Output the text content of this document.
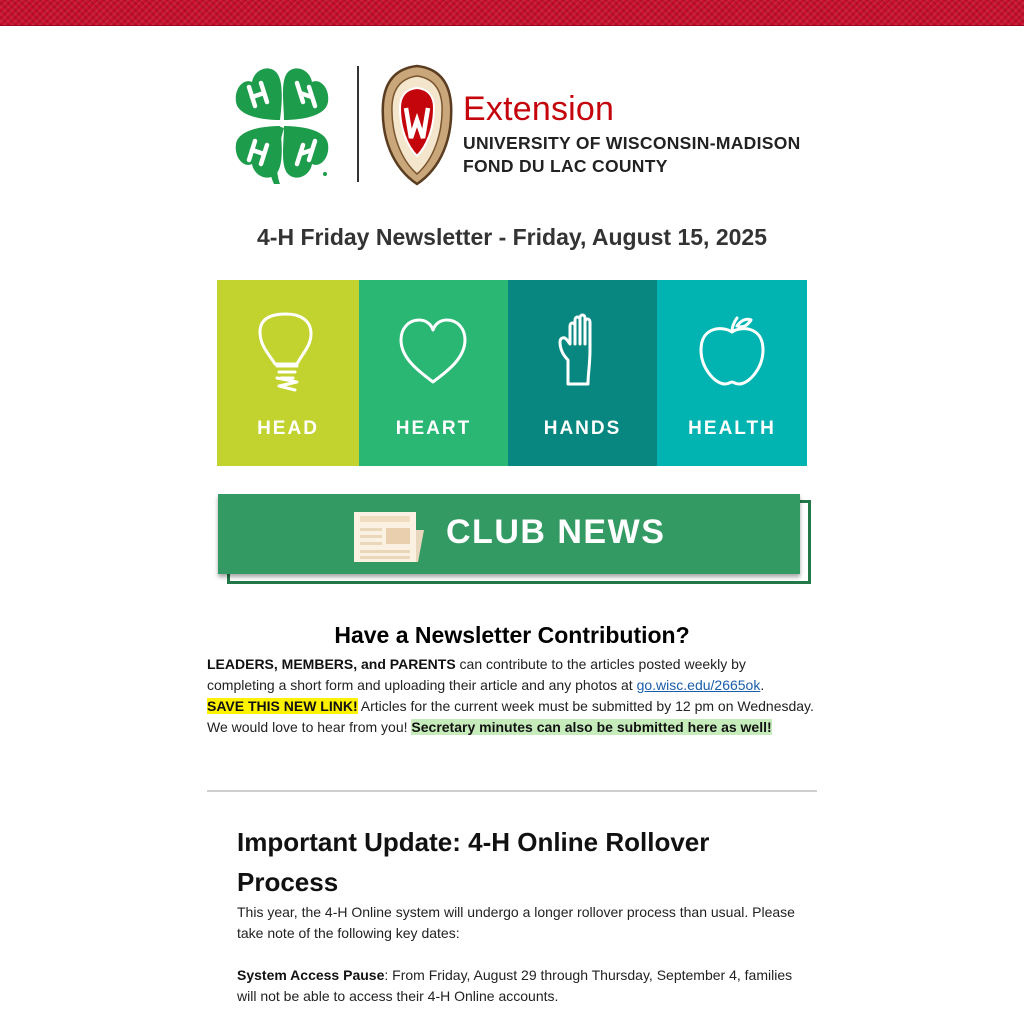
Extension
UNIVERSITY OF WISCONSIN-MADISON
FOND DU LAC COUNTY
4-H Friday Newsletter - Friday, August 15, 2025
HEAD	HEART	HANDS	HEALTH
CLUB NEWS
Have a Newsletter Contribution?
LEADERS, MEMBERS, and PARENTS can contribute to the articles posted weekly by completing a short form and uploading their article and any photos at go.wisc.edu/2665ok.
SAVE THIS NEW LINK! Articles for the current week must be submitted by 12 pm on Wednesday. We would love to hear from you! Secretary minutes can also be submitted here as well!
Important Update: 4-H Online Rollover Process
This year, the 4-H Online system will undergo a longer rollover process than usual. Please take note of the following key dates:
System Access Pause: From Friday, August 29 through Thursday, September 4, families will not be able to access their 4-H Online accounts.
